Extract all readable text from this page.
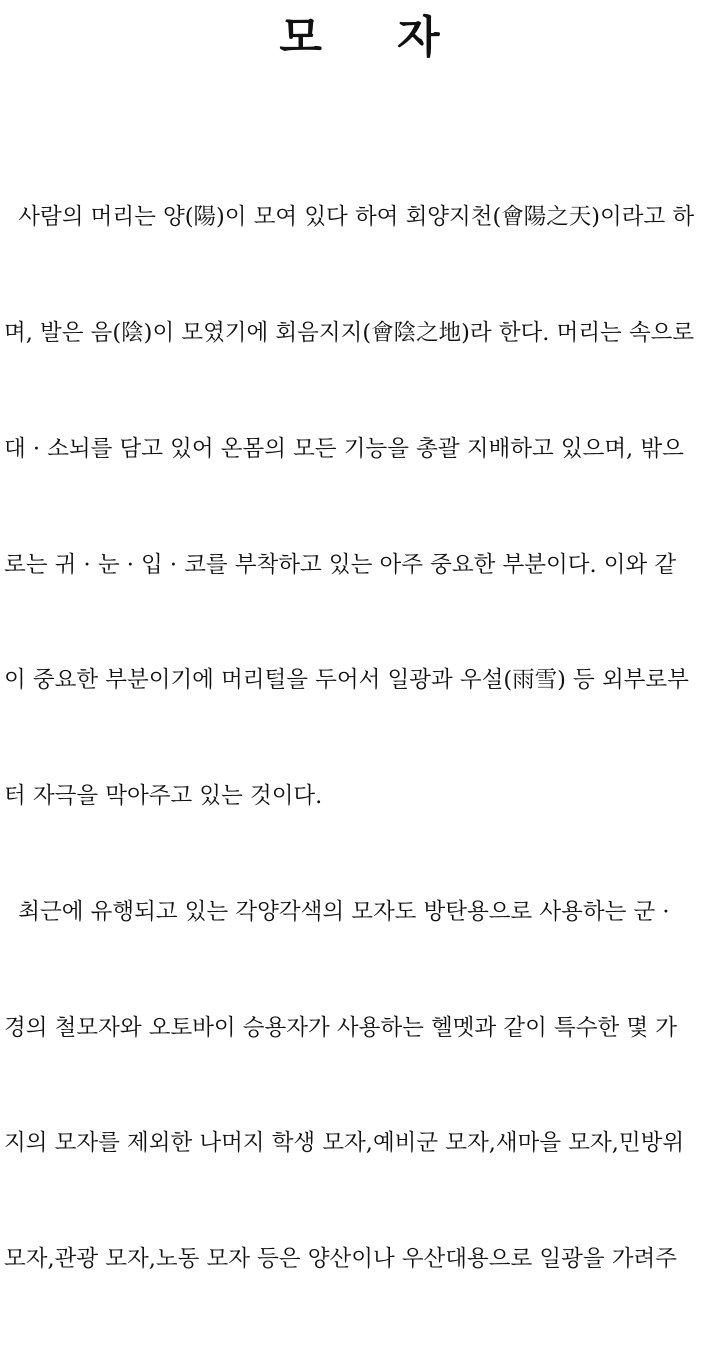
모 자

사람의 머리는 양(陽)이 모여 있다 하여 회양지천(會陽之天)이라고 하

며, 발은 음(陰)이 모였기에 회음지지(會陰之地)라 한다. 머리는 속으로

대 · 소뇌를 담고 있어 온몸의 모든 기능을 총괄 지배하고 있으며, 밖으

로는 귀 · 눈 · 입 · 코를 부착하고 있는 아주 중요한 부분이다. 이와 같

이 중요한 부분이기에 머리털을 두어서 일광과 우설(雨雪) 등 외부로부

터 자극을 막아주고 있는 것이다.

최근에 유행되고 있는 각양각색의 모자도 방탄용으로 사용하는 군 ·

경의 철모자와 오토바이 승용자가 사용하는 헬멧과 같이 특수한 몇 가

지의 모자를 제외한 나머지 학생 모자,예비군 모자,새마을 모자,민방위

모자,관광 모자,노동 모자 등은 양산이나 우산대용으로 일광을 가려주
